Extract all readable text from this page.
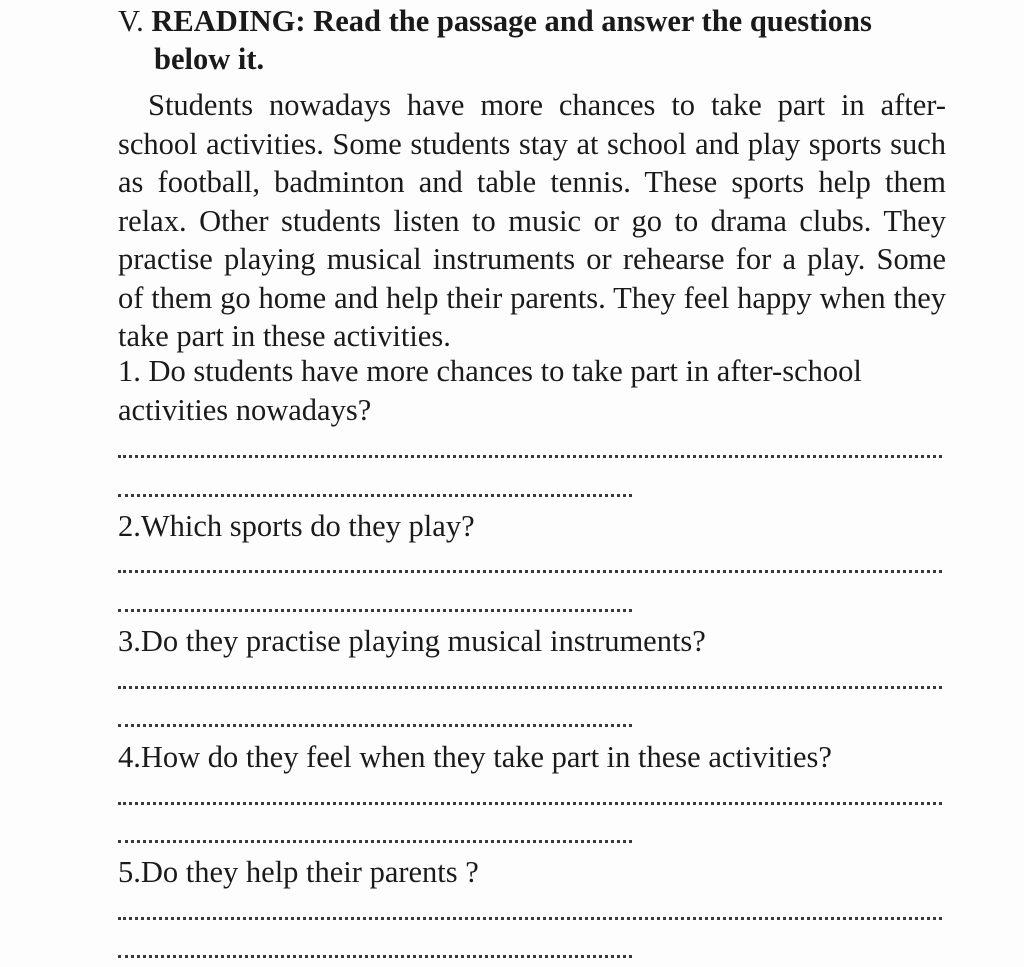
V. READING: Read the passage and answer the questions
below it.

Students nowadays have more chances to take part in after-school activities. Some students stay at school and play sports such as football, badminton and table tennis. These sports help them relax. Other students listen to music or go to drama clubs. They practise playing musical instruments or rehearse for a play. Some of them go home and help their parents. They feel happy when they take part in these activities.

1. Do students have more chances to take part in after-school activities nowadays?

2.Which sports do they play?

3.Do they practise playing musical instruments?

4.How do they feel when they take part in these activities?

5.Do they help their parents ?
